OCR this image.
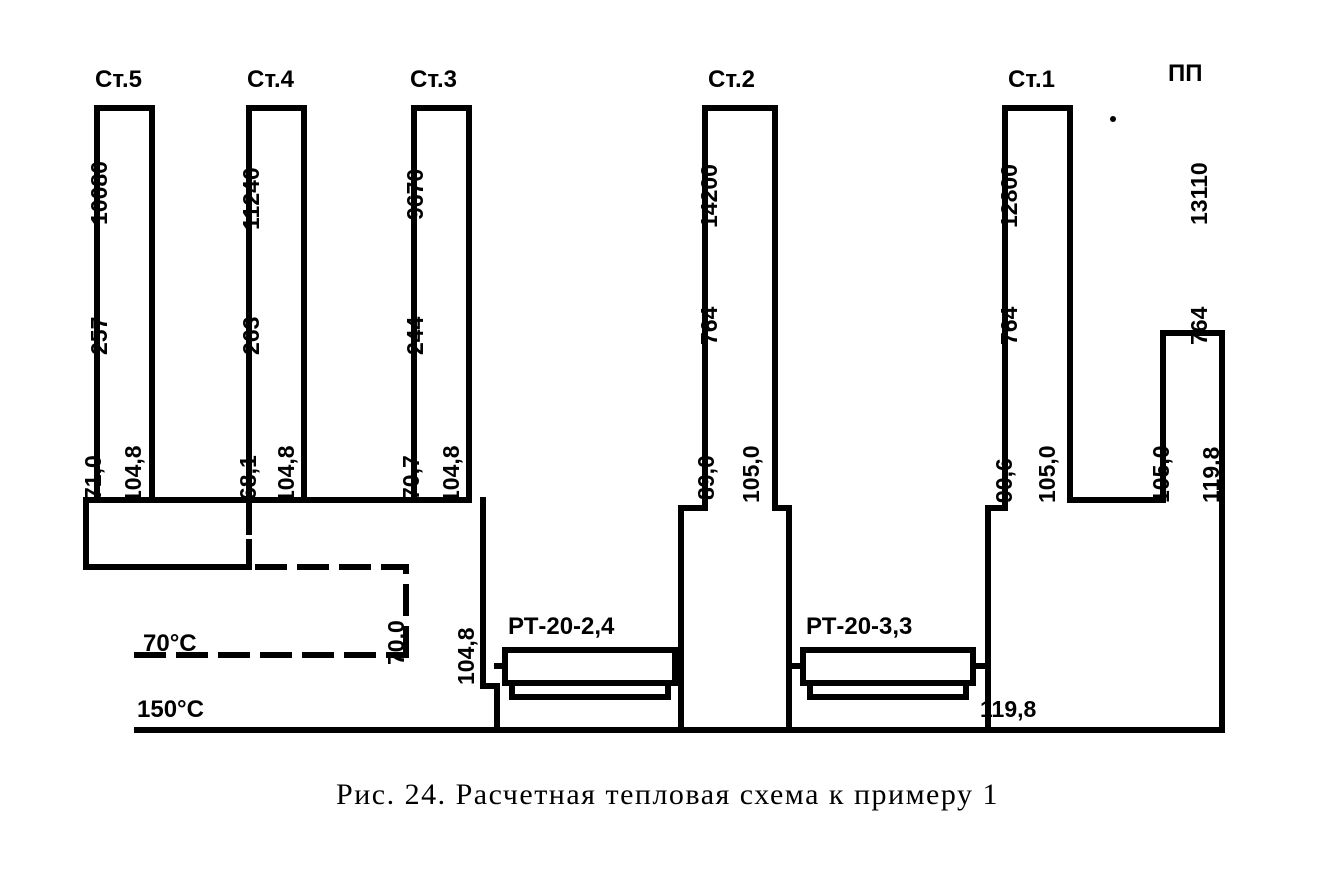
Ст.5	Ст.4	Ст.3	Ст.2	Ст.1	ПП
10080	11240	9670	14200	12800	13110
257	263	244	764	764	764
71,0	68,1	70,7	89,0	90,6	105,0
104,8	104,8	104,8	105,0	105,0	119,8
70,0 104,8
119,8
70°C
150°C
РТ-20-2,4	РТ-20-3,3
Рис. 24. Расчетная тепловая схема к примеру 1
